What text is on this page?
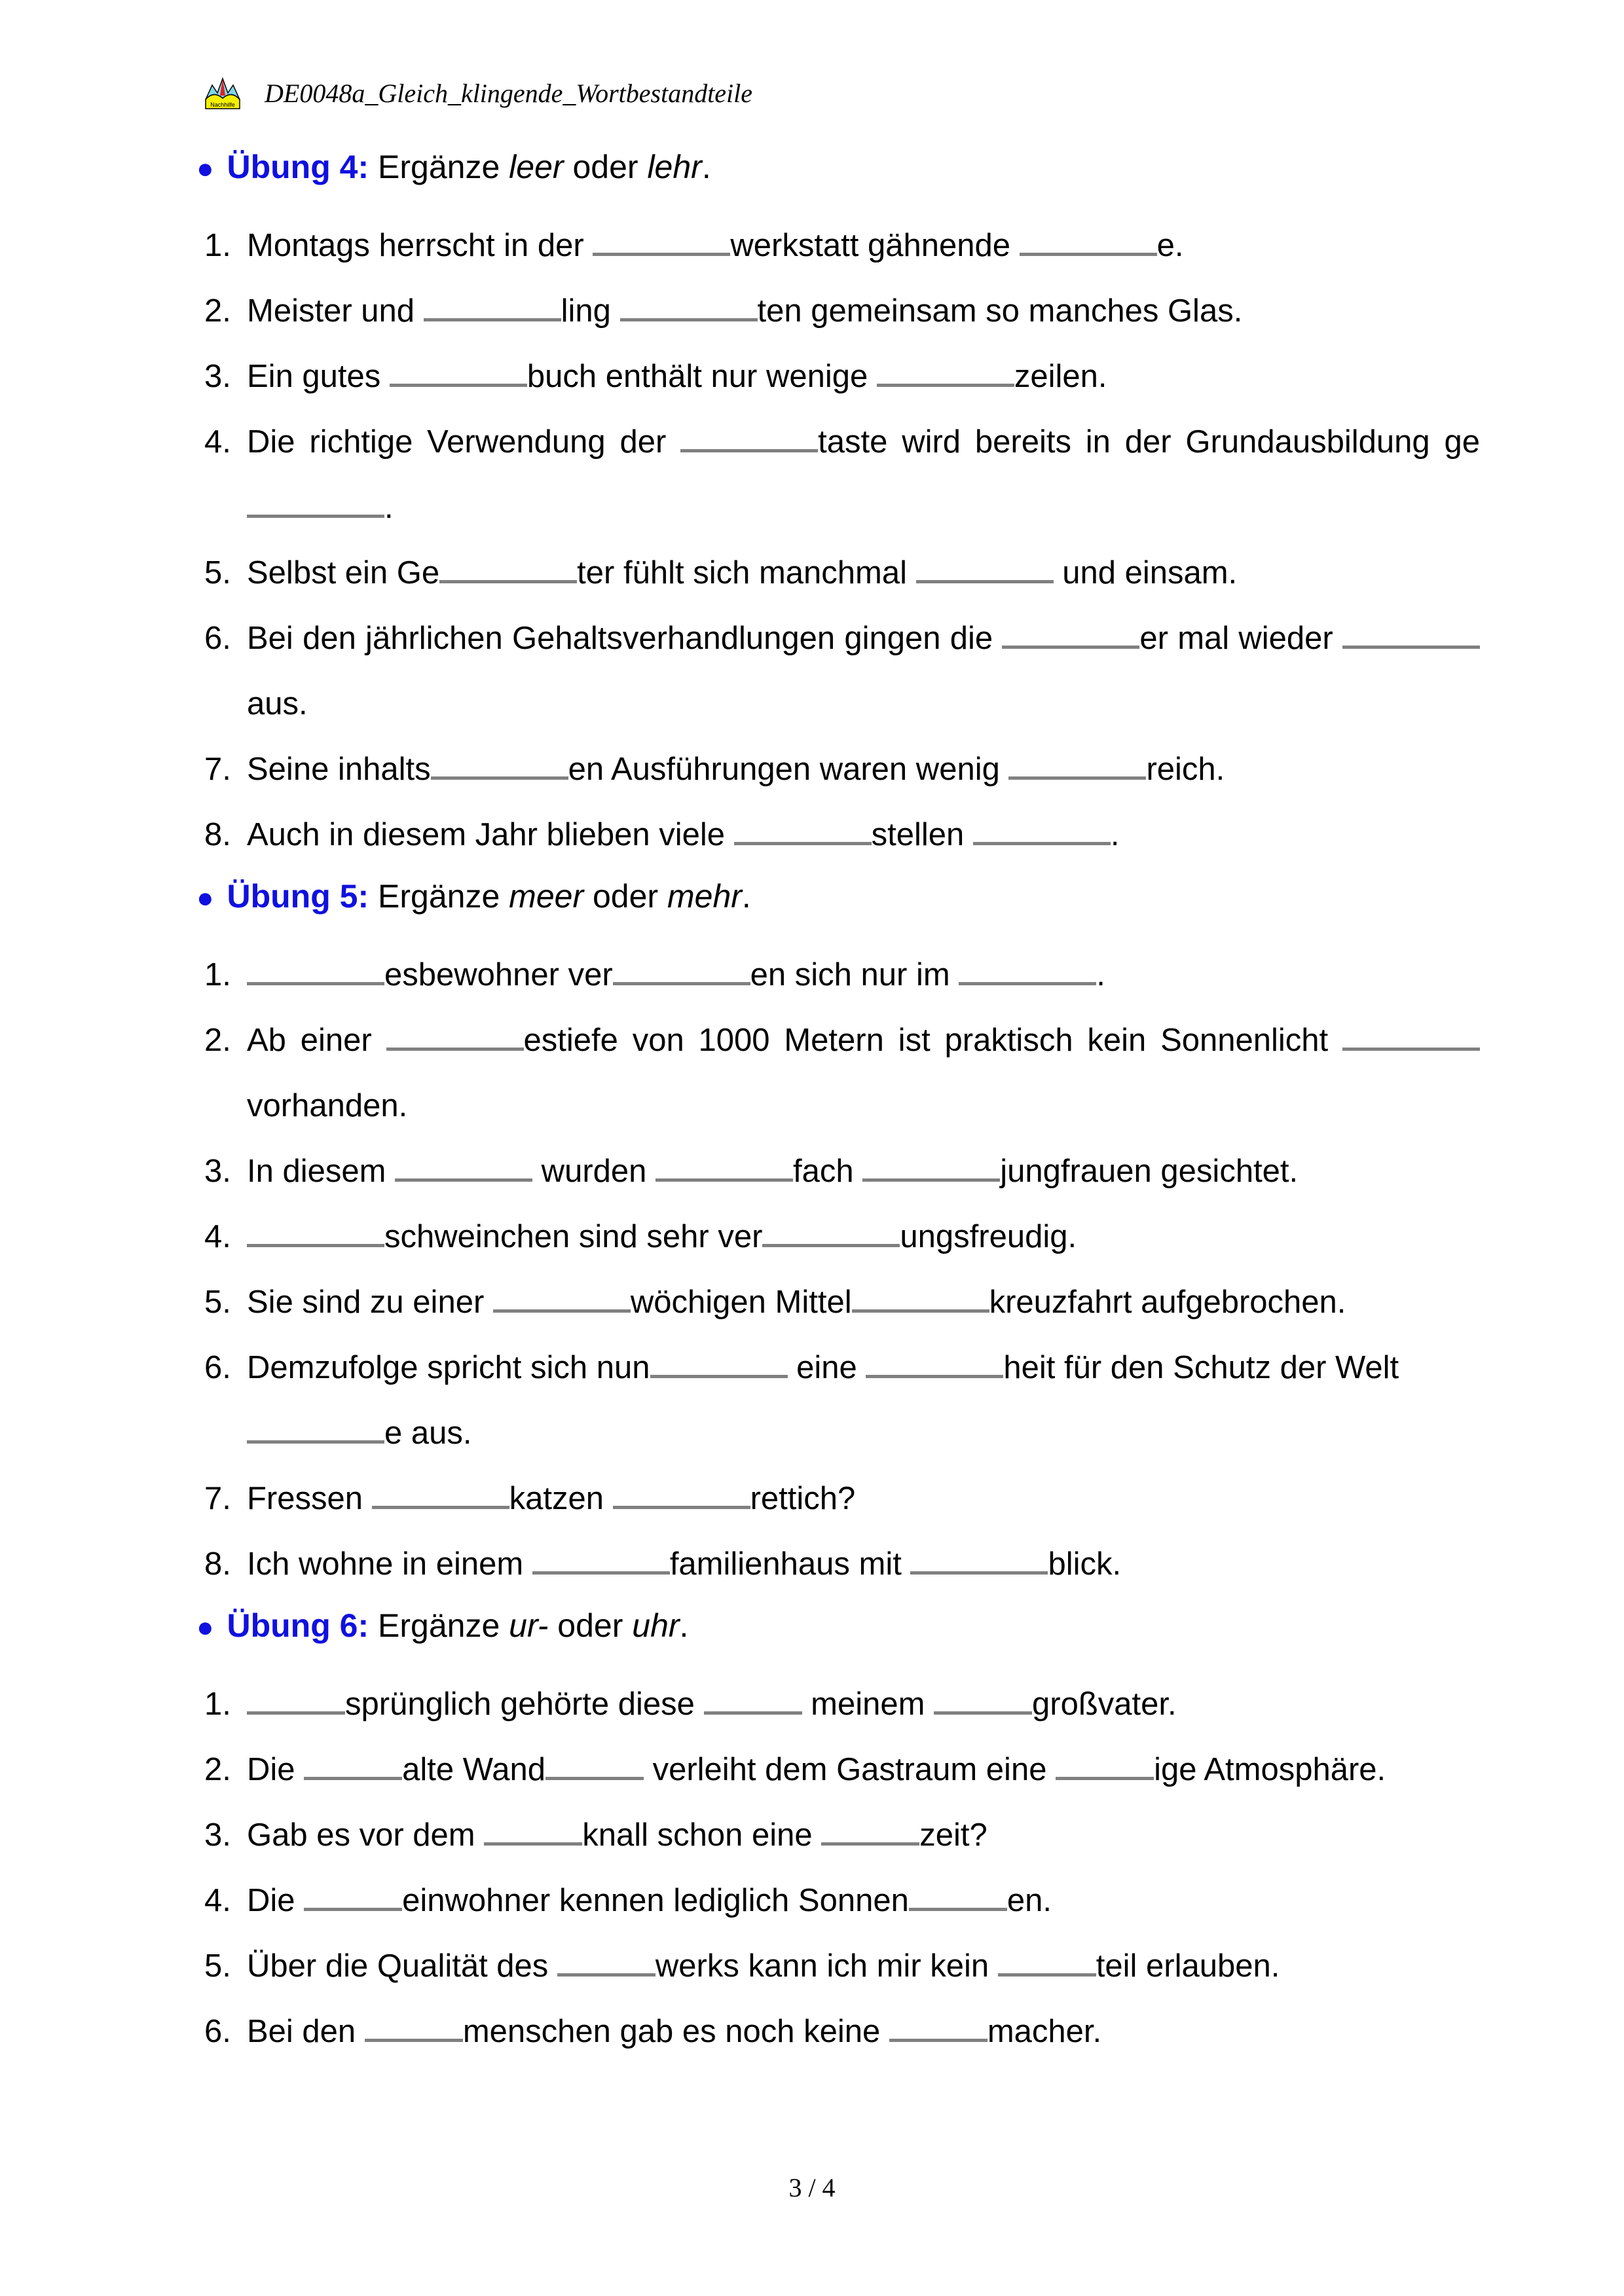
Nachhilfe DE0048a_Gleich_klingende_Wortbestandteile

● Übung 4: Ergänze leer oder lehr.

1. Montags herrscht in der	werkstatt gähnende	e.
2. Meister und	ling	ten gemeinsam so manches Glas.
3. Ein gutes	buch enthält nur wenige	zeilen.
4. Die richtige Verwendung der	taste wird bereits in der Grundausbildung ge.
5. Selbst ein Ge	ter fühlt sich manchmal	und einsam.
6. Bei den jährlichen Gehaltsverhandlungen gingen die	er mal wieder  aus.
7. Seine inhalts	en Ausführungen waren wenig	reich.
8. Auch in diesem Jahr blieben viele	stellen	.

● Übung 5: Ergänze meer oder mehr.

1.	esbewohner ver	en sich nur im	.
2. Ab einer	estiefe von 1000 Metern ist praktisch kein Sonnenlicht  vorhanden.
3. In diesem	wurden	fach	jungfrauen gesichtet.
4.	schweinchen sind sehr ver	ungsfreudig.
5. Sie sind zu einer	wöchigen Mittel	kreuzfahrt aufgebrochen.
6. Demzufolge spricht sich nun	eine	heit für den Schutz der Welte aus.
7. Fressen	katzen	rettich?
8. Ich wohne in einem	familienhaus mit	blick.

● Übung 6: Ergänze ur- oder uhr.

1.	sprünglich gehörte diese	meinem	großvater.
2. Die	alte Wand	verleiht dem Gastraum eine	ige Atmosphäre.
3. Gab es vor dem	knall schon eine	zeit?
4. Die	einwohner kennen lediglich Sonnen	en.
5. Über die Qualität des	werks kann ich mir kein	teil erlauben.
6. Bei den	menschen gab es noch keine	macher.
3 / 4
